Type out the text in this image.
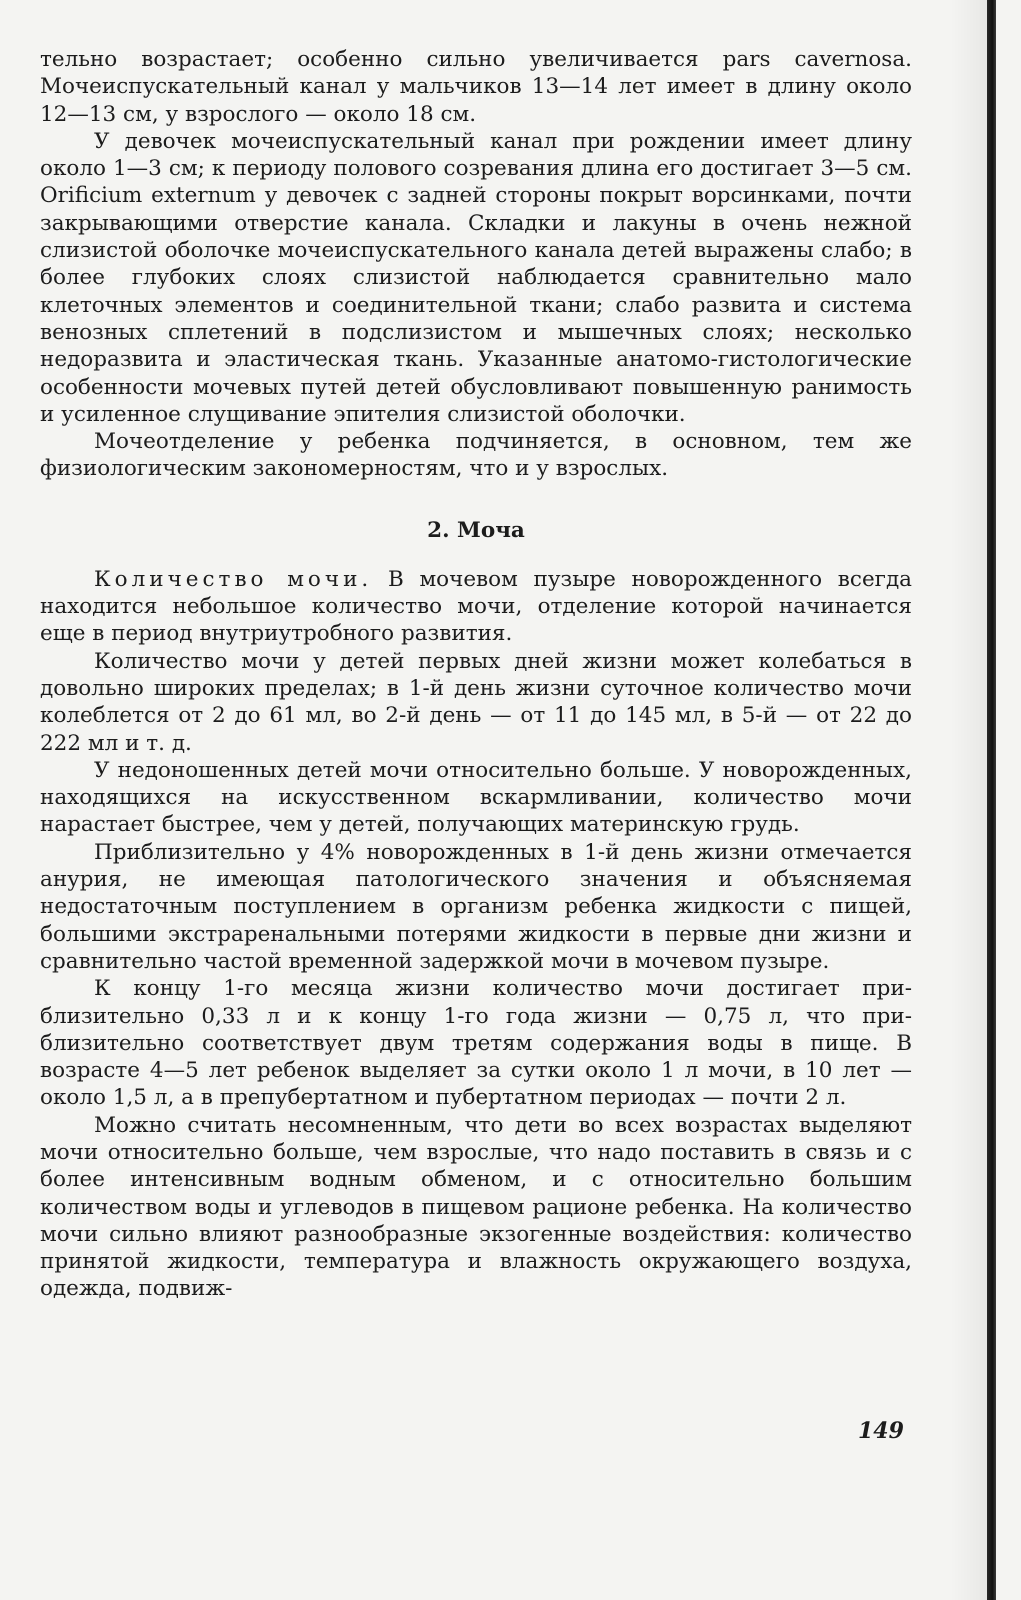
тельно возрастает; особенно сильно увеличивается pars cavernosa. Мочеиспускательный канал у мальчиков 13—14 лет имеет в длину около 12—13 см, у взрослого — около 18 см.

У девочек мочеиспускательный канал при рождении имеет длину около 1—3 см; к периоду полового созревания длина его достигает 3—5 см. Orificium externum у девочек с задней стороны покрыт ворсинками, почти закрывающими отверстие канала. Складки и лакуны в очень нежной слизистой оболочке мочеиспускательного канала детей выражены слабо; в более глубоких слоях слизистой наблюдается сравнительно мало клеточных элементов и соединительной ткани; слабо развита и система венозных сплетений в подслизистом и мышечных слоях; несколько недоразвита и эластическая ткань. Указанные анатомо-гистологические особенности мочевых путей детей обусловливают повышенную ранимость и усиленное слущивание эпителия слизистой оболочки.

Мочеотделение у ребенка подчиняется, в основном, тем же физиологическим закономерностям, что и у взрослых.

2. Моча

Количество мочи. В мочевом пузыре новорожденного всегда находится небольшое количество мочи, отделение которой начинается еще в период внутриутробного развития.

Количество мочи у детей первых дней жизни может колебаться в довольно широких пределах; в 1-й день жизни суточное количество мочи колеблется от 2 до 61 мл, во 2-й день — от 11 до 145 мл, в 5-й — от 22 до 222 мл и т. д.

У недоношенных детей мочи относительно больше. У новорожденных, находящихся на искусственном вскармливании, количество мочи нарастает быстрее, чем у детей, получающих материнскую грудь.

Приблизительно у 4% новорожденных в 1-й день жизни отмечается анурия, не имеющая патологического значения и объясняемая недостаточным поступлением в организм ребенка жидкости с пищей, большими экстраренальными потерями жидкости в первые дни жизни и сравнительно частой временной задержкой мочи в мочевом пузыре.

К концу 1-го месяца жизни количество мочи достигает приблизительно 0,33 л и к концу 1-го года жизни — 0,75 л, что приблизительно соответствует двум третям содержания воды в пище. В возрасте 4—5 лет ребенок выделяет за сутки около 1 л мочи, в 10 лет — около 1,5 л, а в препубертатном и пубертатном периодах — почти 2 л.

Можно считать несомненным, что дети во всех возрастах выделяют мочи относительно больше, чем взрослые, что надо поставить в связь и с более интенсивным водным обменом, и с относительно большим количеством воды и углеводов в пищевом рационе ребенка. На количество мочи сильно влияют разнообразные экзогенные воздействия: количество принятой жидкости, температура и влажность окружающего воздуха, одежда, подвиж-

149
